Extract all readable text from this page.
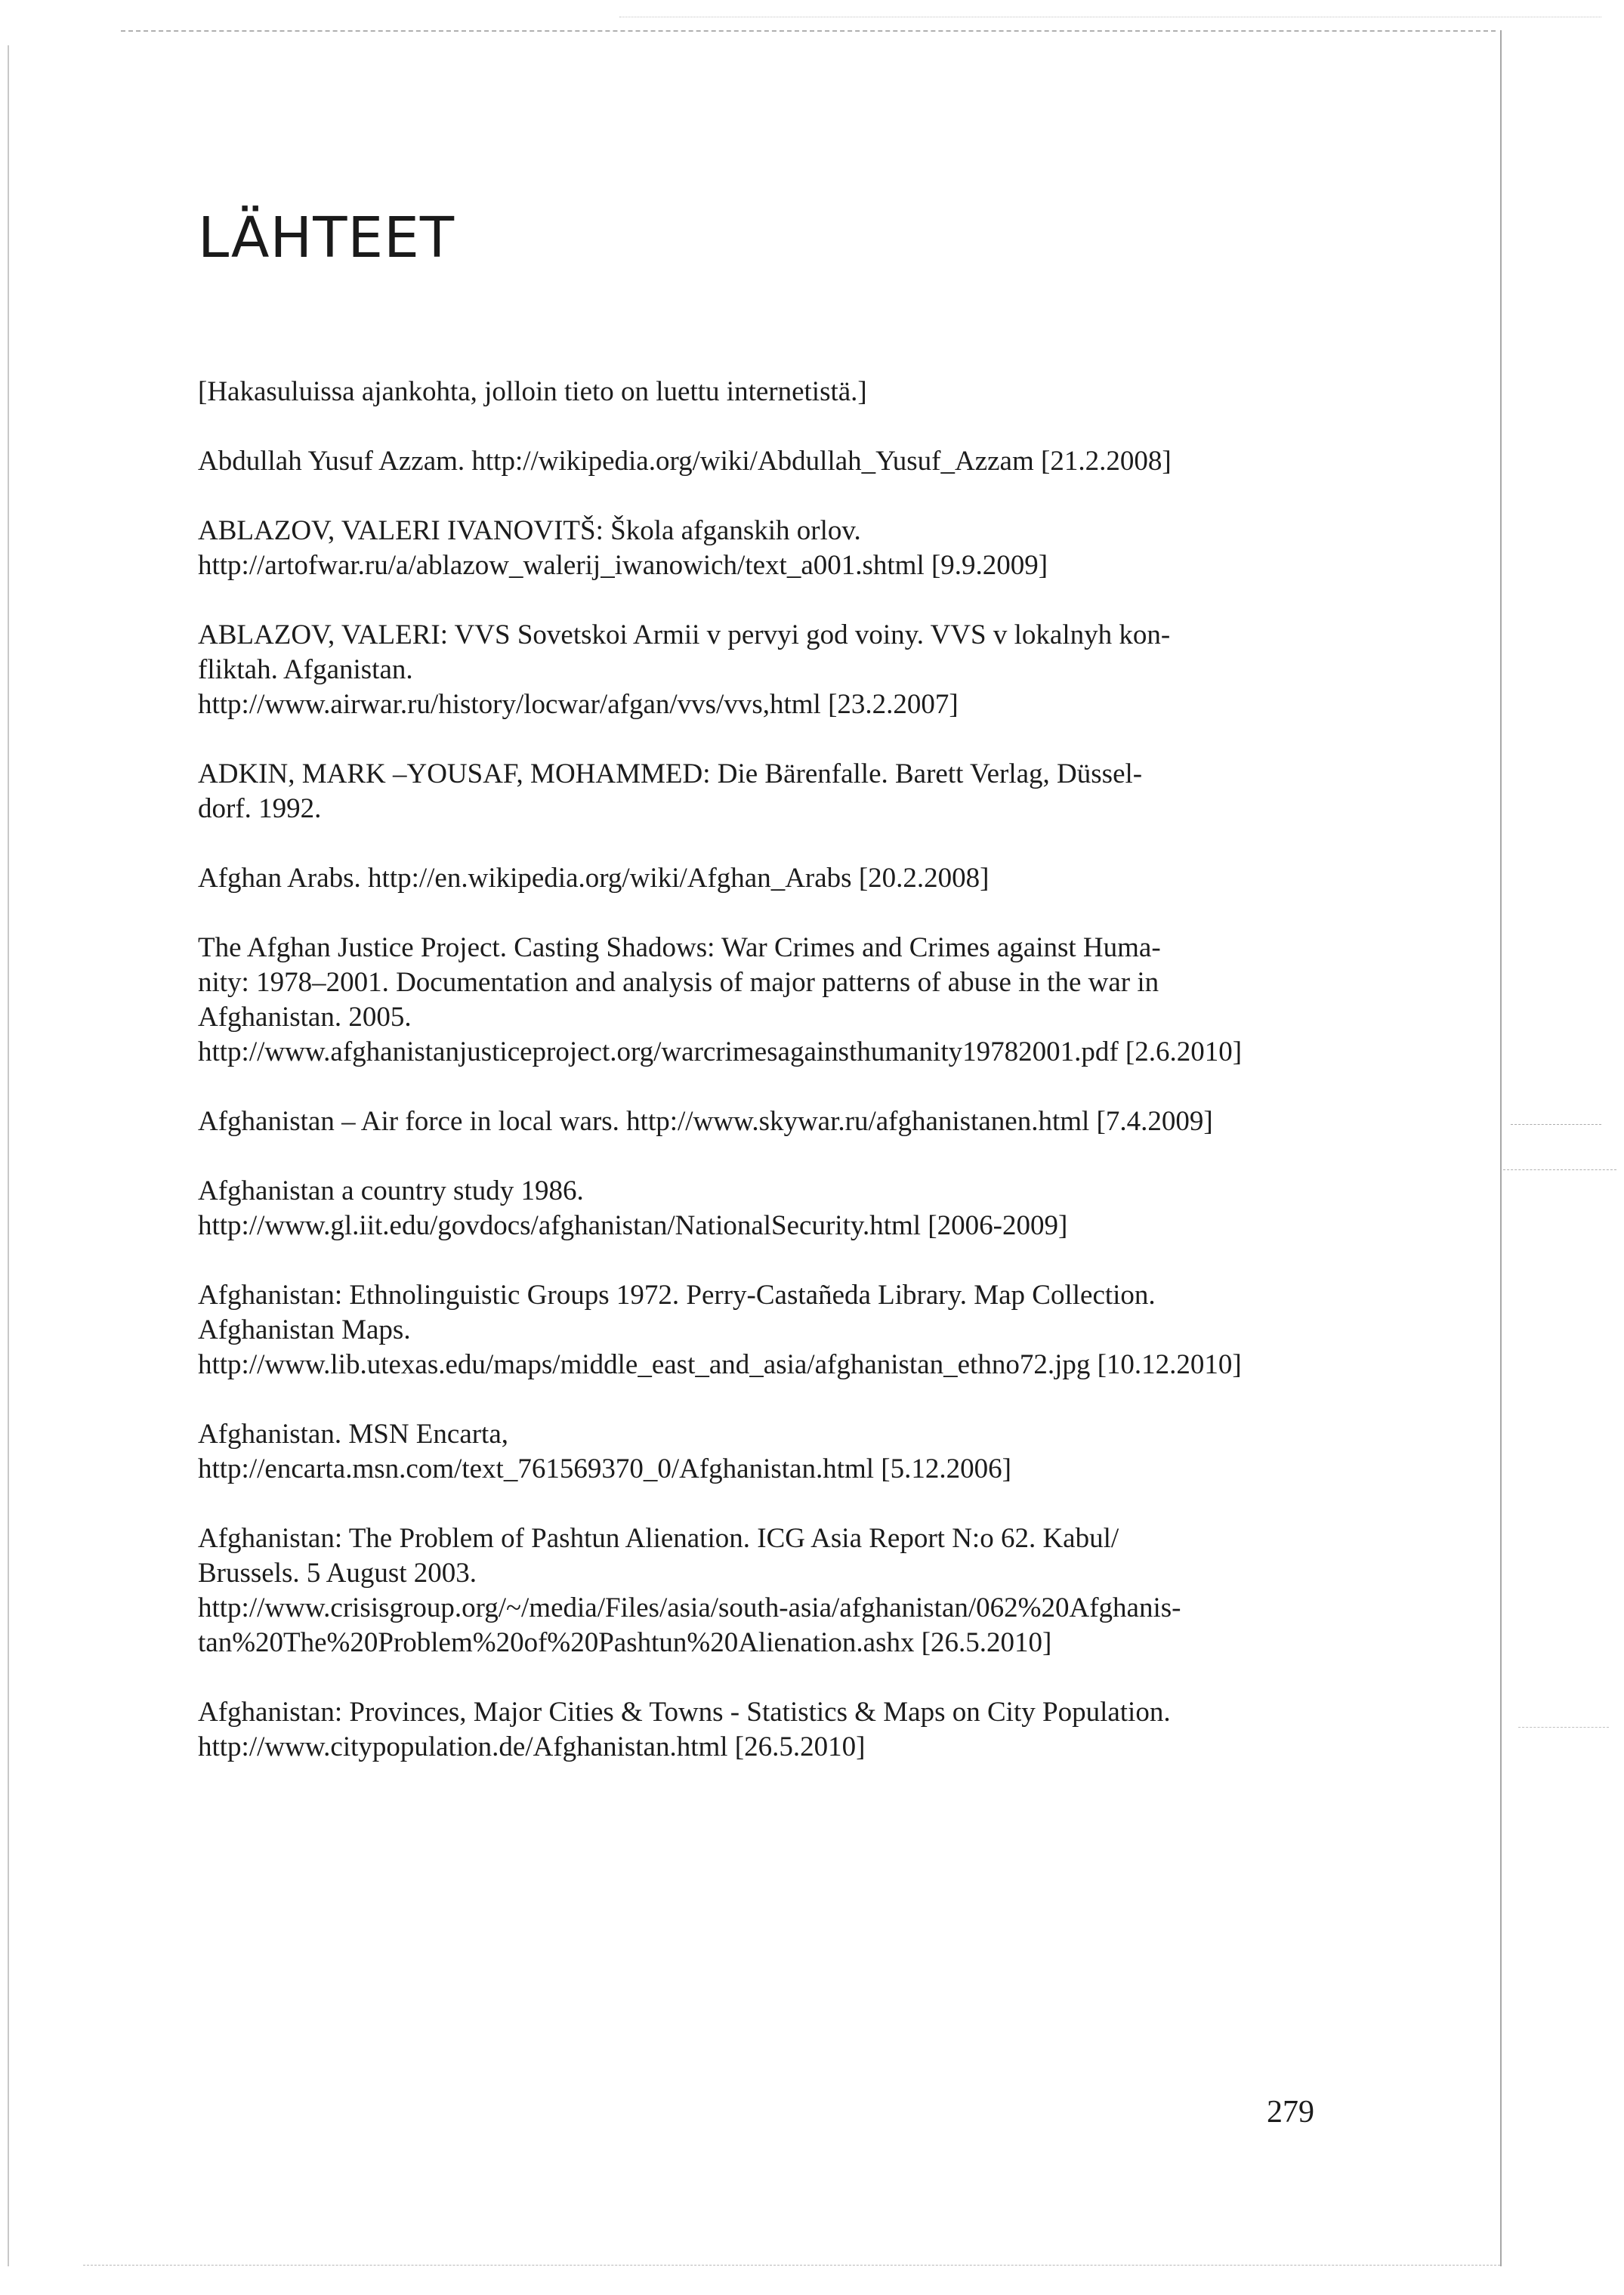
LÄHTEET

[Hakasuluissa ajankohta, jolloin tieto on luettu internetistä.]

Abdullah Yusuf Azzam. http://wikipedia.org/wiki/Abdullah_Yusuf_Azzam [21.2.2008]
ABLAZOV, VALERI IVANOVITŠ: Škola afganskih orlov.
http://artofwar.ru/a/ablazow_walerij_iwanowich/text_a001.shtml [9.9.2009]
ABLAZOV, VALERI: VVS Sovetskoi Armii v pervyi god voiny. VVS v lokalnyh kon-
fliktah. Afganistan.
http://www.airwar.ru/history/locwar/afgan/vvs/vvs,html [23.2.2007]
ADKIN, MARK –YOUSAF, MOHAMMED: Die Bärenfalle. Barett Verlag, Düssel-
dorf. 1992.
Afghan Arabs. http://en.wikipedia.org/wiki/Afghan_Arabs [20.2.2008]
The Afghan Justice Project. Casting Shadows: War Crimes and Crimes against Huma-
nity: 1978–2001. Documentation and analysis of major patterns of abuse in the war in
Afghanistan. 2005.
http://www.afghanistanjusticeproject.org/warcrimesagainsthumanity19782001.pdf [2.6.2010]
Afghanistan – Air force in local wars. http://www.skywar.ru/afghanistanen.html [7.4.2009]
Afghanistan a country study 1986.
http://www.gl.iit.edu/govdocs/afghanistan/NationalSecurity.html [2006-2009]
Afghanistan: Ethnolinguistic Groups 1972. Perry-Castañeda Library. Map Collection.
Afghanistan Maps.
http://www.lib.utexas.edu/maps/middle_east_and_asia/afghanistan_ethno72.jpg [10.12.2010]
Afghanistan. MSN Encarta,
http://encarta.msn.com/text_761569370_0/Afghanistan.html [5.12.2006]
Afghanistan: The Problem of Pashtun Alienation. ICG Asia Report N:o 62. Kabul/
Brussels. 5 August 2003.
http://www.crisisgroup.org/~/media/Files/asia/south-asia/afghanistan/062%20Afghanis-
tan%20The%20Problem%20of%20Pashtun%20Alienation.ashx [26.5.2010]
Afghanistan: Provinces, Major Cities & Towns - Statistics & Maps on City Population.
http://www.citypopulation.de/Afghanistan.html [26.5.2010]
279
